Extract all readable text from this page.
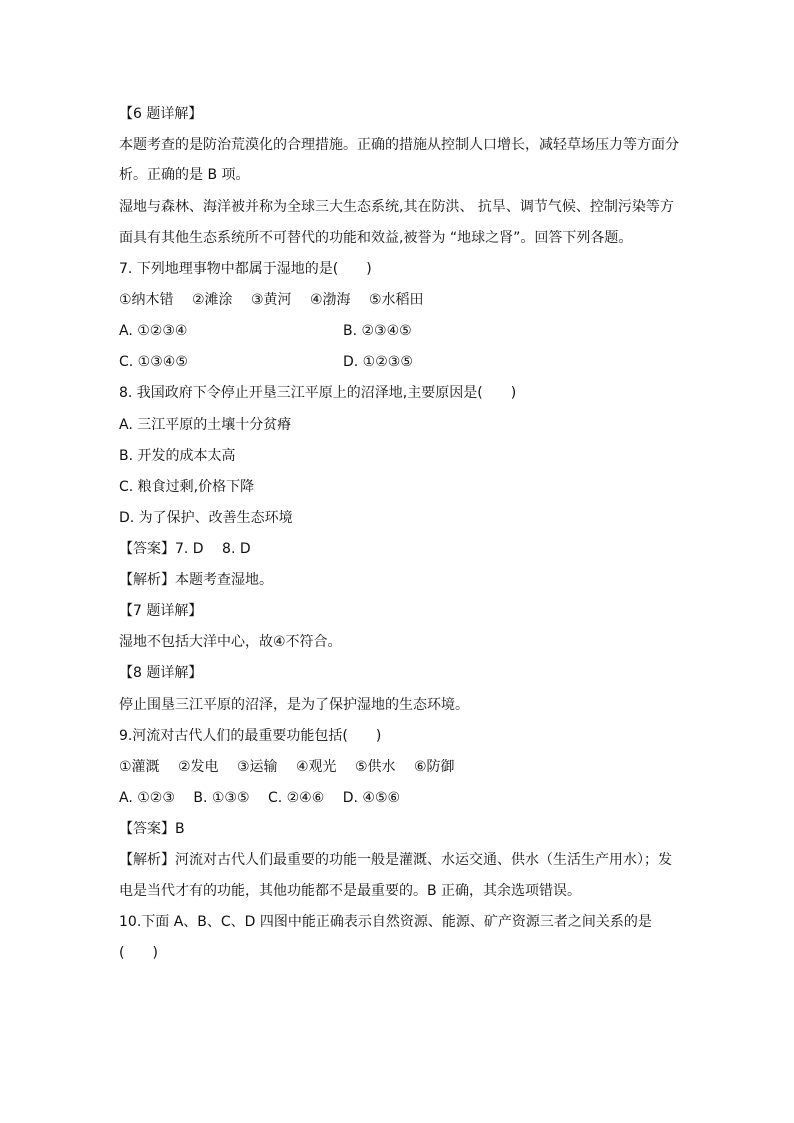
【6 题详解】
本题考查的是防治荒漠化的合理措施。正确的措施从控制人口增长，减轻草场压力等方面分
析。正确的是 B 项。
湿地与森林、海洋被并称为全球三大生态系统,其在防洪、 抗旱、调节气候、控制污染等方
面具有其他生态系统所不可替代的功能和效益,被誉为 “地球之肾”。回答下列各题。
7. 下列地理事物中都属于湿地的是(　　)
①纳木错　 ②滩涂　 ③黄河　 ④渤海　 ⑤水稻田
A. ①②③④	B. ②③④⑤
C. ①③④⑤	D. ①②③⑤
8. 我国政府下令停止开垦三江平原上的沼泽地,主要原因是(　　)
A. 三江平原的土壤十分贫瘠
B. 开发的成本太高
C. 粮食过剩,价格下降
D. 为了保护、改善生态环境
【答案】7. D　 8. D
【解析】本题考查湿地。
【7 题详解】
湿地不包括大洋中心，故④不符合。
【8 题详解】
停止围垦三江平原的沼泽，是为了保护湿地的生态环境。
9.河流对古代人们的最重要功能包括(　　)
①灌溉　 ②发电　 ③运输　 ④观光　 ⑤供水　 ⑥防御
A. ①②③　 B. ①③⑤　 C. ②④⑥　 D. ④⑤⑥
【答案】B
【解析】河流对古代人们最重要的功能一般是灌溉、水运交通、供水（生活生产用水）；发
电是当代才有的功能，其他功能都不是最重要的。B 正确，其余选项错误。
10.下面 A、B、C、D 四图中能正确表示自然资源、能源、矿产资源三者之间关系的是
(　　)
